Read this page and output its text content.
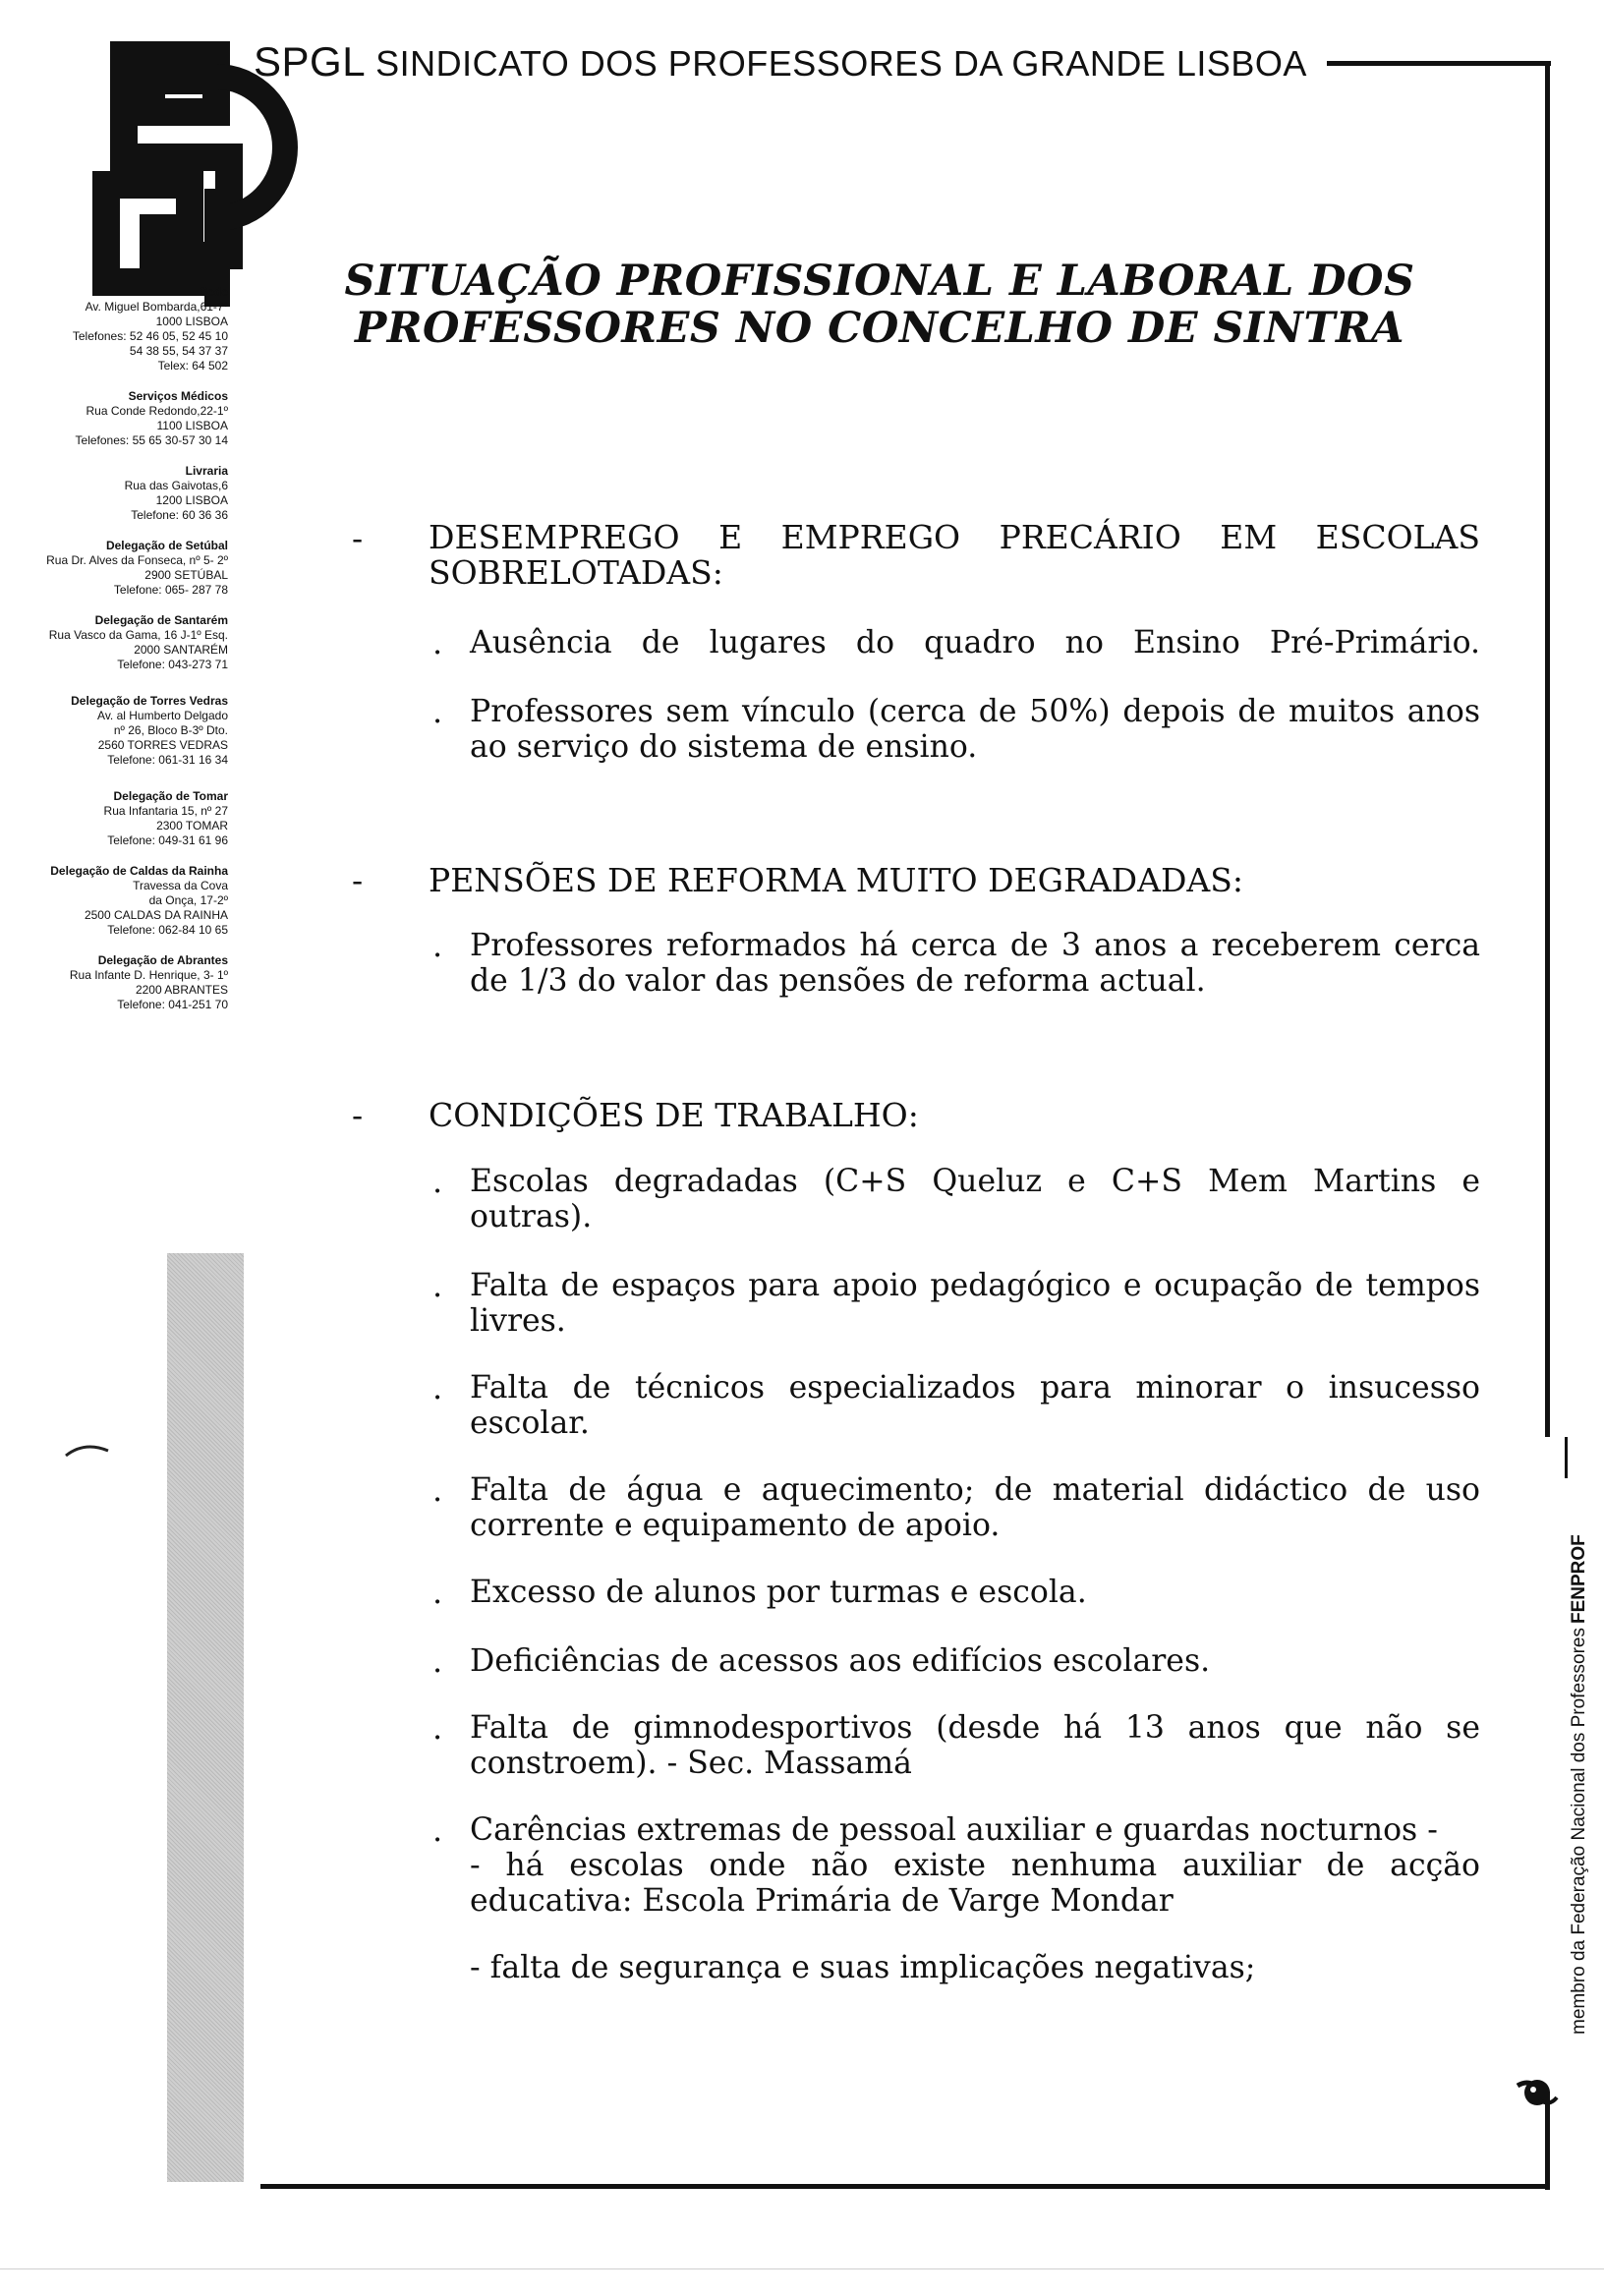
SPGL SINDICATO DOS PROFESSORES DA GRANDE LISBOA
Sede
Av. Miguel Bombarda,61-7º
1000 LISBOA
Telefones: 52 46 05, 52 45 10
54 38 55, 54 37 37
Telex: 64 502
Serviços Médicos
Rua Conde Redondo,22-1º
1100 LISBOA
Telefones: 55 65 30-57 30 14
Livraria
Rua das Gaivotas,6
1200 LISBOA
Telefone: 60 36 36
Delegação de Setúbal
Rua Dr. Alves da Fonseca, nº 5- 2º
2900 SETÚBAL
Telefone: 065- 287 78
Delegação de Santarém
Rua Vasco da Gama, 16 J-1º Esq.
2000 SANTARÉM
Telefone: 043-273 71
Delegação de Torres Vedras
Av. al Humberto Delgado
nº 26, Bloco B-3º Dto.
2560 TORRES VEDRAS
Telefone: 061-31 16 34
Delegação de Tomar
Rua Infantaria 15, nº 27
2300 TOMAR
Telefone: 049-31 61 96
Delegação de Caldas da Rainha
Travessa da Cova
da Onça, 17-2º
2500 CALDAS DA RAINHA
Telefone: 062-84 10 65
Delegação de Abrantes
Rua Infante D. Henrique, 3- 1º
2200 ABRANTES
Telefone: 041-251 70
membro da Federação Nacional dos ProfessoresFENPROF
SITUAÇÃO PROFISSIONAL E LABORAL DOS
PROFESSORES NO CONCELHO DE SINTRA
- DESEMPREGO E EMPREGO PRECÁRIO EM ESCOLAS SOBRELOTADAS:
. Ausência de lugares do quadro no Ensino Pré-Primário.
. Professores sem vínculo (cerca de 50%) depois de muitos anos ao serviço do sistema de ensino.
- PENSÕES DE REFORMA MUITO DEGRADADAS:
. Professores reformados há cerca de 3 anos a receberem cerca de 1/3 do valor das pensões de reforma actual.
- CONDIÇÕES DE TRABALHO:
. Escolas degradadas (C+S Queluz e C+S Mem Martins e outras).
. Falta de espaços para apoio pedagógico e ocupação de tempos livres.
. Falta de técnicos especializados para minorar o insucesso escolar.
. Falta de água e aquecimento; de material didáctico de uso corrente e equipamento de apoio.
. Excesso de alunos por turmas e escola.
. Deficiências de acessos aos edifícios escolares.
. Falta de gimnodesportivos (desde há 13 anos que não se constroem). - Sec. Massamá
. Carências extremas de pessoal auxiliar e guardas nocturnos -
- há escolas onde não existe nenhuma auxiliar de acção
educativa: Escola Primária de Varge Mondar
- falta de segurança e suas implicações negativas;
